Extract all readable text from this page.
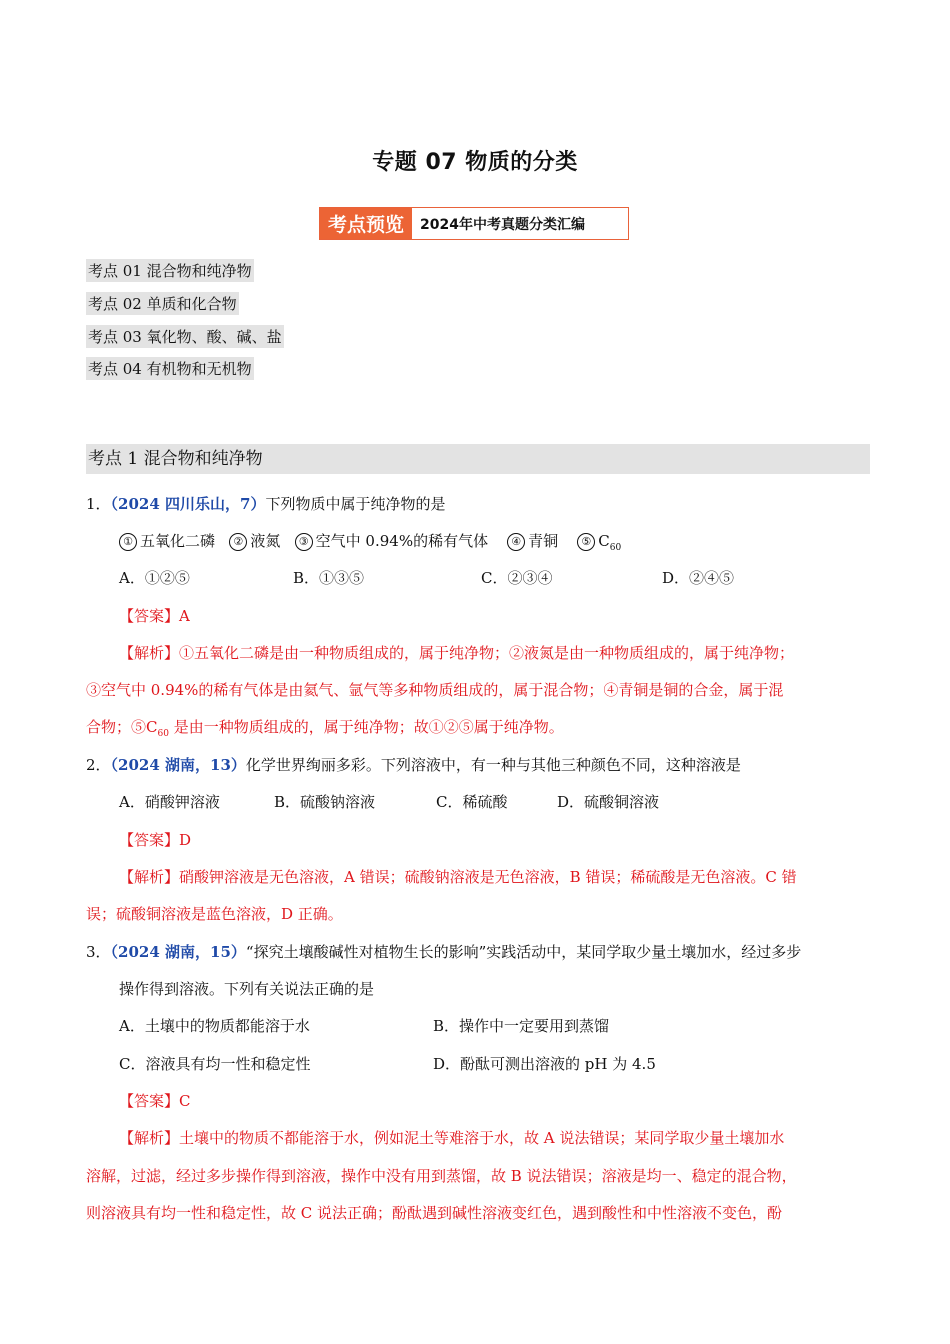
专题 07 物质的分类
考点预览	2024年中考真题分类汇编
考点 01 混合物和纯净物
考点 02 单质和化合物
考点 03 氧化物、酸、碱、盐
考点 04 有机物和无机物
考点 1 混合物和纯净物
1．（2024 四川乐山，7）下列物质中属于纯净物的是
① 五氧化二磷 ② 液氮 ③ 空气中 0.94%的稀有气体 ④ 青铜 ⑤ $C_{60}$
A．①②⑤	B．①③⑤	C．②③④	D．②④⑤
【答案】A
【解析】①五氧化二磷是由一种物质组成的，属于纯净物；②液氮是由一种物质组成的，属于纯净物；
③空气中 0.94%的稀有气体是由氦气、氩气等多种物质组成的，属于混合物；④青铜是铜的合金，属于混
合物；$⑤C_{60}$ 是由一种物质组成的，属于纯净物；故①②⑤属于纯净物。
2．（2024 湖南，13）化学世界绚丽多彩。下列溶液中，有一种与其他三种颜色不同，这种溶液是
A．硝酸钾溶液	B．硫酸钠溶液	C．稀硫酸	D．硫酸铜溶液
【答案】D
【解析】硝酸钾溶液是无色溶液，A 错误；硫酸钠溶液是无色溶液，B 错误；稀硫酸是无色溶液。C 错
误；硫酸铜溶液是蓝色溶液，D 正确。
3．（2024 湖南，15）“探究土壤酸碱性对植物生长的影响”实践活动中，某同学取少量土壤加水，经过多步
操作得到溶液。下列有关说法正确的是
A．土壤中的物质都能溶于水	B．操作中一定要用到蒸馏
C．溶液具有均一性和稳定性	D．酚酞可测出溶液的 pH 为 4.5
【答案】C
【解析】土壤中的物质不都能溶于水，例如泥土等难溶于水，故 A 说法错误；某同学取少量土壤加水
溶解，过滤，经过多步操作得到溶液，操作中没有用到蒸馏，故 B 说法错误；溶液是均一、稳定的混合物，
则溶液具有均一性和稳定性，故 C 说法正确；酚酞遇到碱性溶液变红色，遇到酸性和中性溶液不变色，酚
